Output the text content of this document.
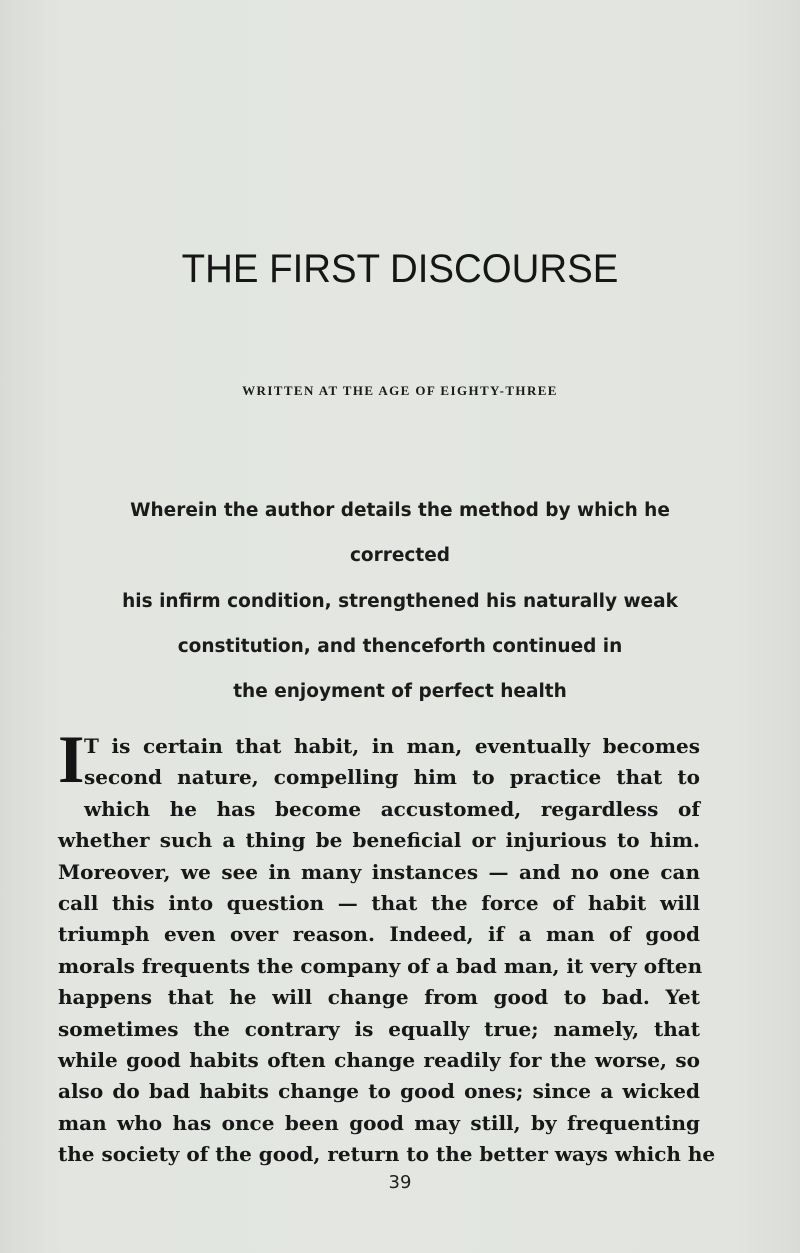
THE FIRST DISCOURSE
WRITTEN AT THE AGE OF EIGHTY-THREE
Wherein the author details the method by which he corrected
his infirm condition, strengthened his naturally weak
constitution, and thenceforth continued in
the enjoyment of perfect health
I T is certain that habit, in man, eventually becomes
second nature, compelling him to practice that to
which he has become accustomed, regardless of
whether such a thing be beneficial or injurious to him.
Moreover, we see in many instances — and no one can
call this into question — that the force of habit will
triumph even over reason. Indeed, if a man of good
morals frequents the company of a bad man, it very often
happens that he will change from good to bad. Yet
sometimes the contrary is equally true; namely, that
while good habits often change readily for the worse, so
also do bad habits change to good ones; since a wicked
man who has once been good may still, by frequenting
the society of the good, return to the better ways which he
39
